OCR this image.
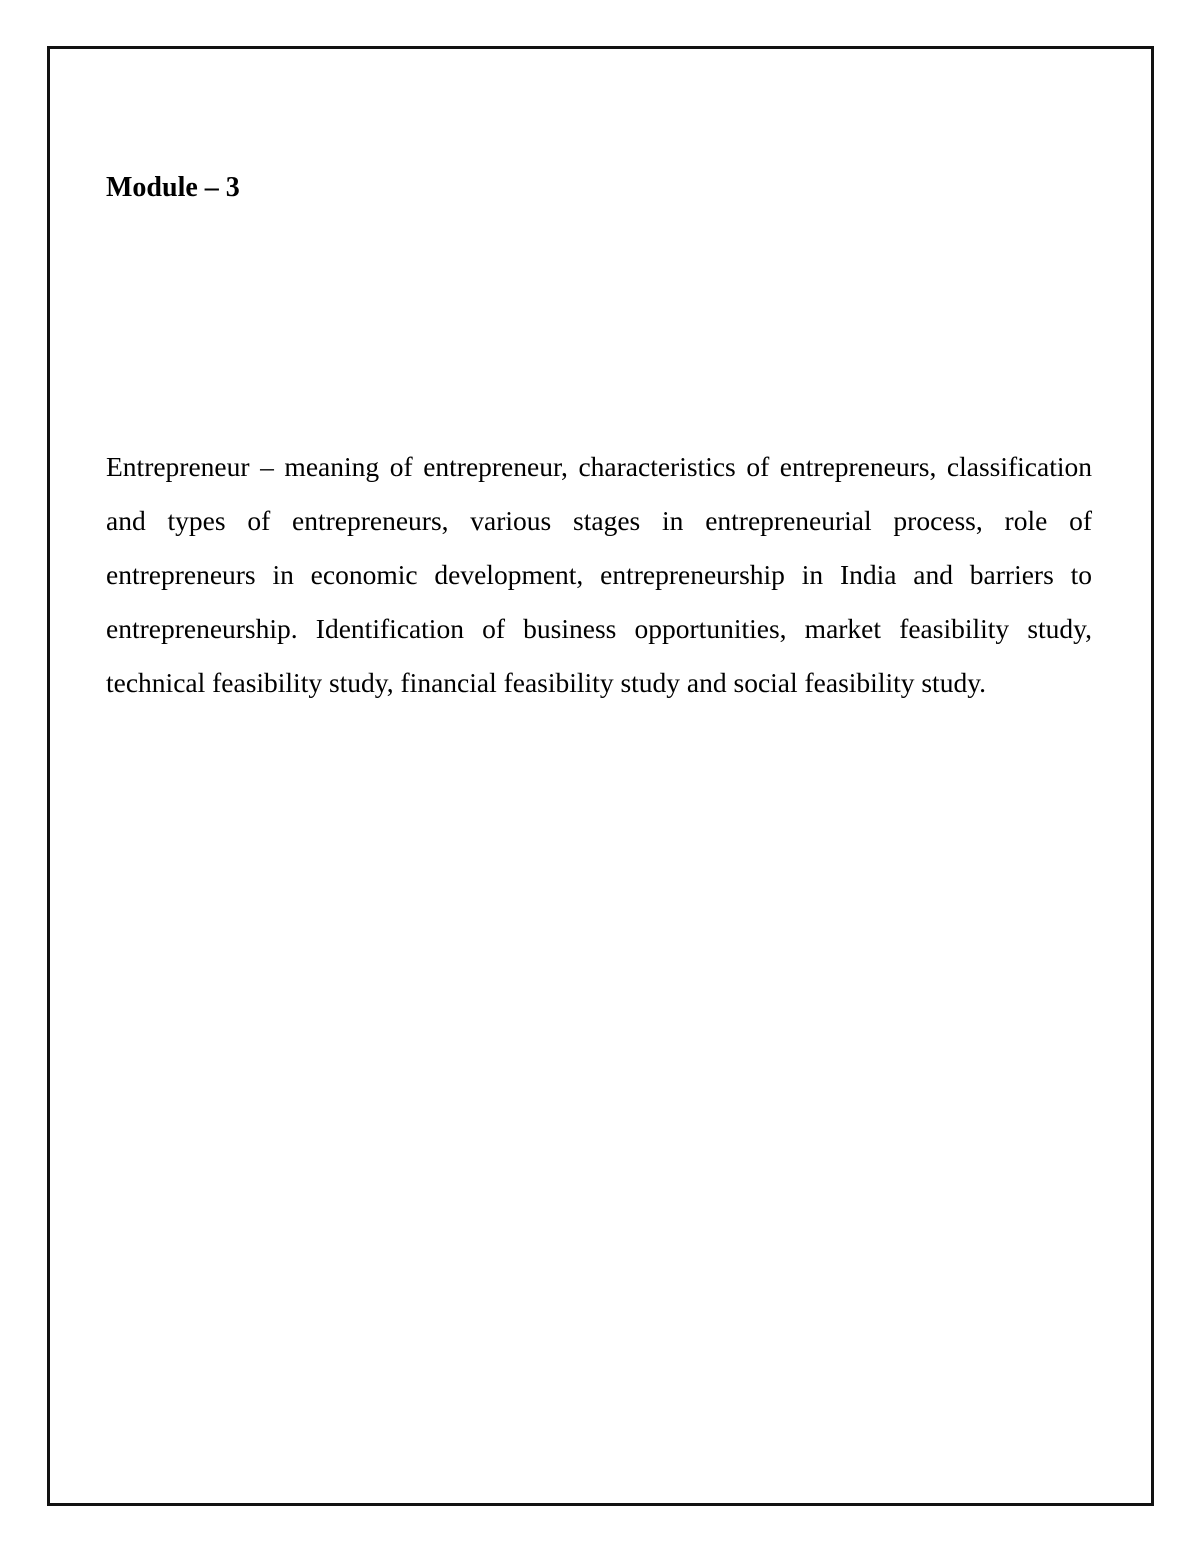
Module – 3

Entrepreneur – meaning of entrepreneur, characteristics of entrepreneurs, classification and types of entrepreneurs, various stages in entrepreneurial process, role of entrepreneurs in economic development, entrepreneurship in India and barriers to entrepreneurship. Identification of business opportunities, market feasibility study, technical feasibility study, financial feasibility study and social feasibility study.
